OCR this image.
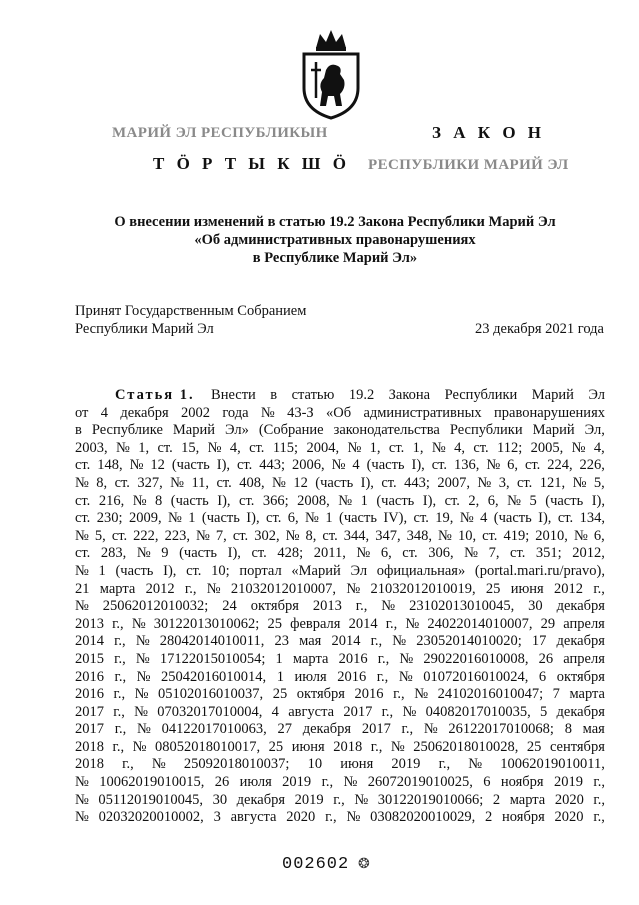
МАРИЙ ЭЛ РЕСПУБЛИКЫН	З А К О Н
Т Ӧ Р Т Ы К Ш Ӧ РЕСПУБЛИКИ МАРИЙ ЭЛ
О внесении изменений в статью 19.2 Закона Республики Марий Эл
«Об административных правонарушениях
в Республике Марий Эл»
Принят Государственным Собранием
Республики Марий Эл	23 декабря 2021 года
Статья 1. Внести в статью 19.2 Закона Республики Марий Эл
от 4 декабря 2002 года № 43-З «Об административных правонарушениях
в Республике Марий Эл» (Собрание законодательства Республики Марий Эл,
2003, № 1, ст. 15, № 4, ст. 115; 2004, № 1, ст. 1, № 4, ст. 112; 2005, № 4,
ст. 148, № 12 (часть I), ст. 443; 2006, № 4 (часть I), ст. 136, № 6, ст. 224, 226,
№ 8, ст. 327, № 11, ст. 408, № 12 (часть I), ст. 443; 2007, № 3, ст. 121, № 5,
ст. 216, № 8 (часть I), ст. 366; 2008, № 1 (часть I), ст. 2, 6, № 5 (часть I),
ст. 230; 2009, № 1 (часть I), ст. 6, № 1 (часть IV), ст. 19, № 4 (часть I), ст. 134,
№ 5, ст. 222, 223, № 7, ст. 302, № 8, ст. 344, 347, 348, № 10, ст. 419; 2010, № 6,
ст. 283, № 9 (часть I), ст. 428; 2011, № 6, ст. 306, № 7, ст. 351; 2012,
№ 1 (часть I), ст. 10; портал «Марий Эл официальная» (portal.mari.ru/pravo),
21 марта 2012 г., № 21032012010007, № 21032012010019, 25 июня 2012 г.,
№ 25062012010032; 24 октября 2013 г., № 23102013010045, 30 декабря
2013 г., № 30122013010062; 25 февраля 2014 г., № 24022014010007, 29 апреля
2014 г., № 28042014010011, 23 мая 2014 г., № 23052014010020; 17 декабря
2015 г., № 17122015010054; 1 марта 2016 г., № 29022016010008, 26 апреля
2016 г., № 25042016010014, 1 июля 2016 г., № 01072016010024, 6 октября
2016 г., № 05102016010037, 25 октября 2016 г., № 24102016010047; 7 марта
2017 г., № 07032017010004, 4 августа 2017 г., № 04082017010035, 5 декабря
2017 г., № 04122017010063, 27 декабря 2017 г., № 26122017010068; 8 мая
2018 г., № 08052018010017, 25 июня 2018 г., № 25062018010028, 25 сентября
2018 г., № 25092018010037; 10 июня 2019 г., № 10062019010011,
№ 10062019010015, 26 июля 2019 г., № 26072019010025, 6 ноября 2019 г.,
№ 05112019010045, 30 декабря 2019 г., № 30122019010066; 2 марта 2020 г.,
№ 02032020010002, 3 августа 2020 г., № 03082020010029, 2 ноября 2020 г.,
002602 ❂
